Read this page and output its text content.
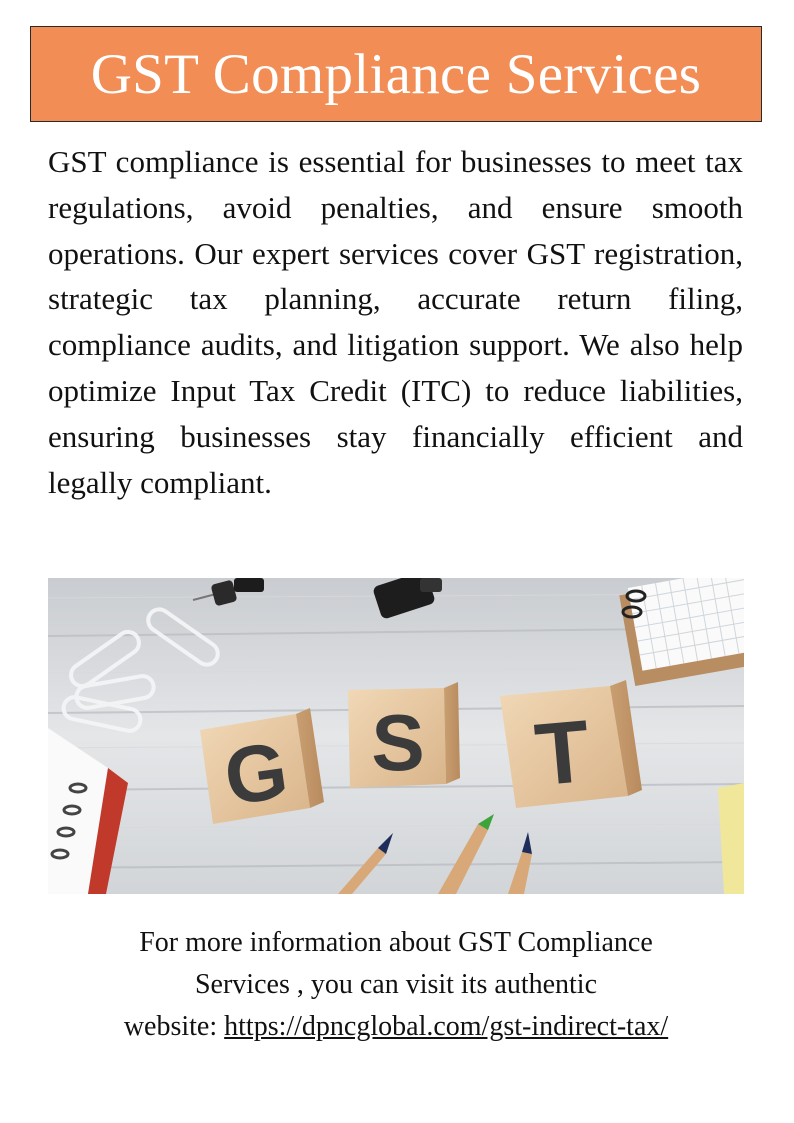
GST Compliance Services

GST compliance is essential for businesses to meet tax regulations, avoid penalties, and ensure smooth operations. Our expert services cover GST registration, strategic tax planning, accurate return filing, compliance audits, and litigation support. We also help optimize Input Tax Credit (ITC) to reduce liabilities, ensuring businesses stay financially efficient and legally compliant.

G S T

For more information about GST Compliance

Services , you can visit its authentic

website: https://dpncglobal.com/gst-indirect-tax/
